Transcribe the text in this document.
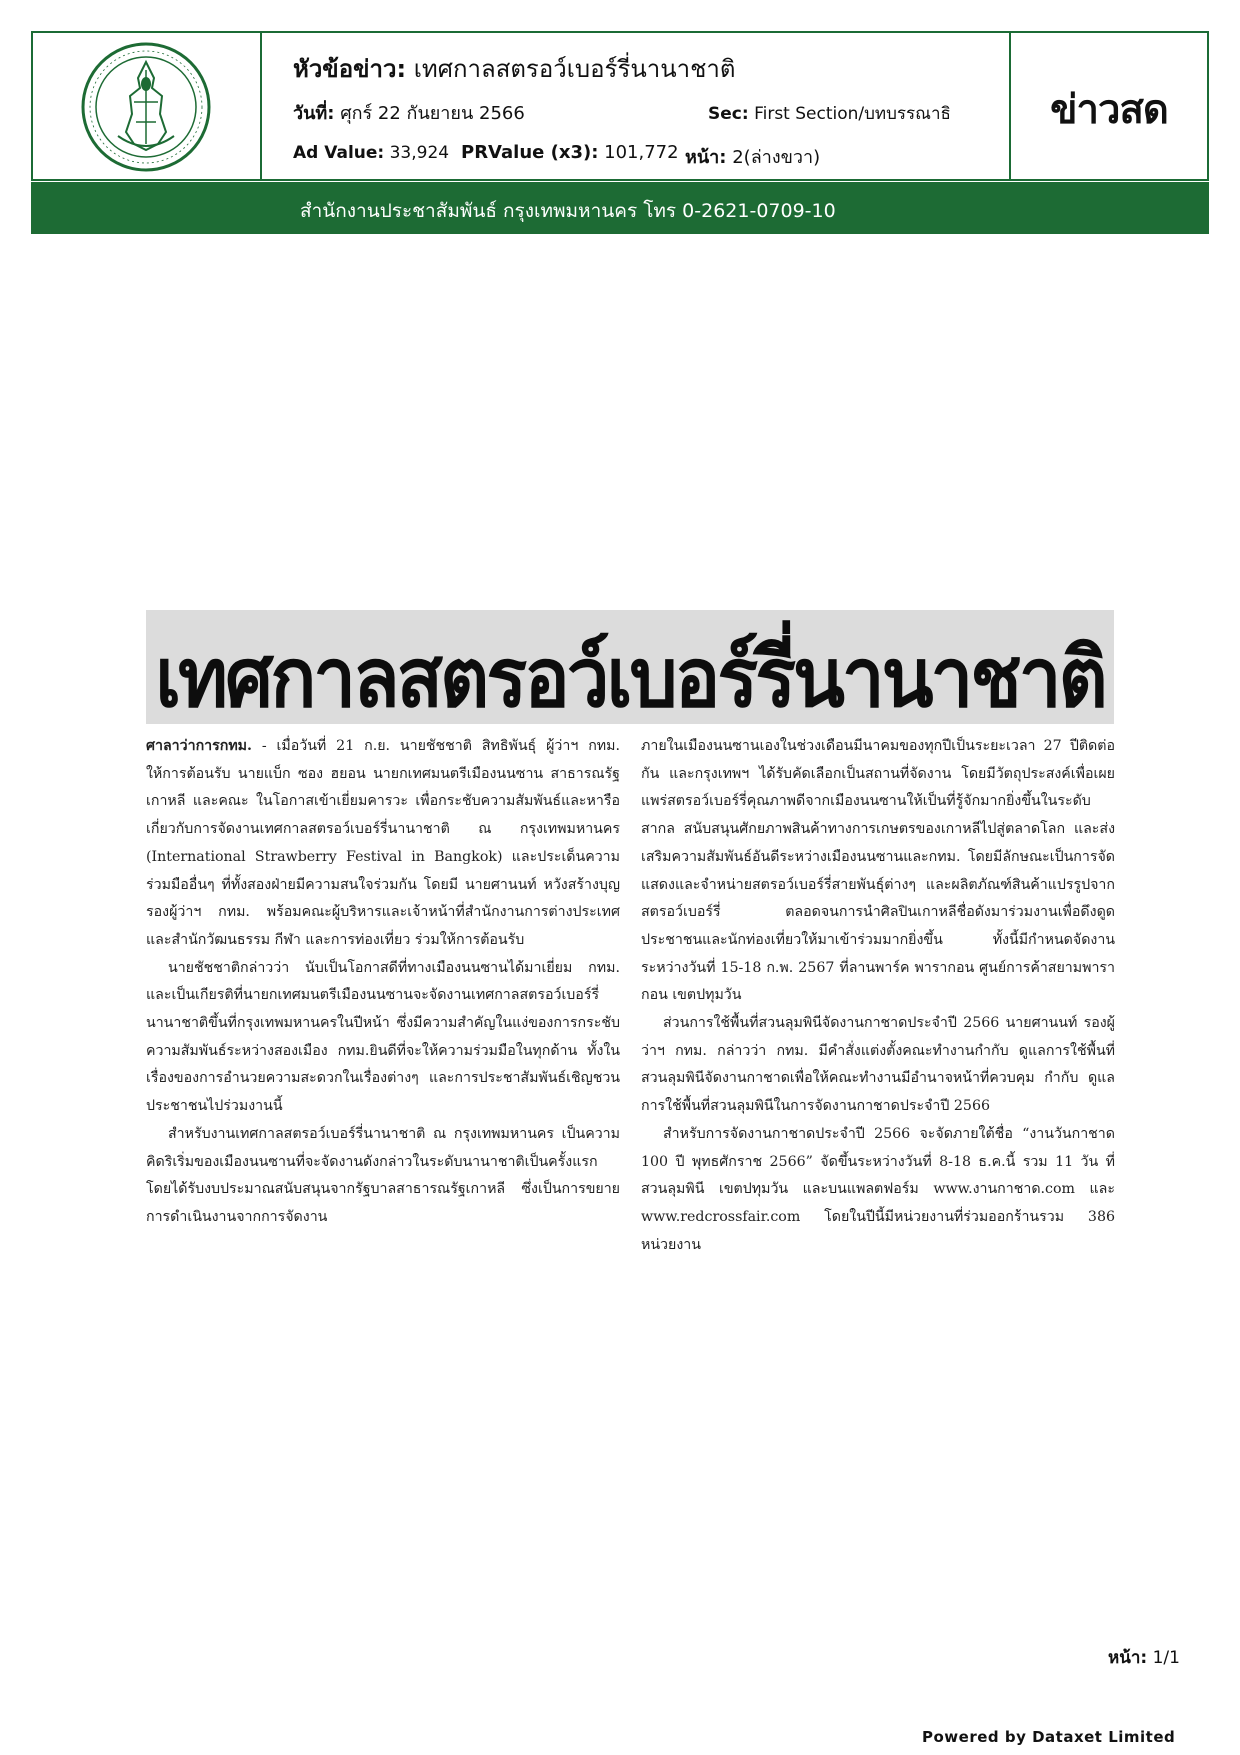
หัวข้อข่าว: เทศกาลสตรอว์เบอร์รี่นานาชาติ
วันที่: ศุกร์ 22 กันยายน 2566	Sec: First Section/บทบรรณาธิ
Ad Value: 33,924 PRValue (x3): 101,772 หน้า: 2(ล่างขวา)
ข่าวสด
สำนักงานประชาสัมพันธ์ กรุงเทพมหานคร โทร 0-2621-0709-10
เทศกาลสตรอว์เบอร์รี่นานาชาติ

ศาลาว่าการกทม. - เมื่อวันที่ 21 ก.ย. นายชัชชาติ สิทธิพันธุ์ ผู้ว่าฯ กทม. ให้การต้อนรับ นายแบ็ก ซอง ฮยอน นายกเทศมนตรีเมืองนนซาน สาธารณรัฐเกาหลี และคณะ ในโอกาสเข้าเยี่ยมคารวะ เพื่อกระชับความสัมพันธ์และหารือเกี่ยวกับการจัดงานเทศกาลสตรอว์เบอร์รี่นานาชาติ ณ กรุงเทพมหานคร (International Strawberry Festival in Bangkok) และประเด็นความร่วมมืออื่นๆ ที่ทั้งสองฝ่ายมีความสนใจร่วมกัน โดยมี นายศานนท์ หวังสร้างบุญ รองผู้ว่าฯ กทม. พร้อมคณะผู้บริหารและเจ้าหน้าที่สำนักงานการต่างประเทศ และสำนักวัฒนธรรม กีฬา และการท่องเที่ยว ร่วมให้การต้อนรับ

นายชัชชาติกล่าวว่า นับเป็นโอกาสดีที่ทางเมืองนนซานได้มาเยี่ยม กทม. และเป็นเกียรติที่นายกเทศมนตรีเมืองนนซานจะจัดงานเทศกาลสตรอว์เบอร์รี่นานาชาติขึ้นที่กรุงเทพมหานครในปีหน้า ซึ่งมีความสำคัญในแง่ของการกระชับความสัมพันธ์ระหว่างสองเมือง กทม.ยินดีที่จะให้ความร่วมมือในทุกด้าน ทั้งในเรื่องของการอำนวยความสะดวกในเรื่องต่างๆ และการประชาสัมพันธ์เชิญชวนประชาชนไปร่วมงานนี้

สำหรับงานเทศกาลสตรอว์เบอร์รี่นานาชาติ ณ กรุงเทพมหานคร เป็นความคิดริเริ่มของเมืองนนซานที่จะจัดงานดังกล่าวในระดับนานาชาติเป็นครั้งแรก โดยได้รับงบประมาณสนับสนุนจากรัฐบาลสาธารณรัฐเกาหลี ซึ่งเป็นการขยายการดำเนินงานจากการจัดงาน

ภายในเมืองนนซานเองในช่วงเดือนมีนาคมของทุกปีเป็นระยะเวลา 27 ปีติดต่อกัน และกรุงเทพฯ ได้รับคัดเลือกเป็นสถานที่จัดงาน โดยมีวัตถุประสงค์เพื่อเผยแพร่สตรอว์เบอร์รี่คุณภาพดีจากเมืองนนซานให้เป็นที่รู้จักมากยิ่งขึ้นในระดับสากล สนับสนุนศักยภาพสินค้าทางการเกษตรของเกาหลีไปสู่ตลาดโลก และส่งเสริมความสัมพันธ์อันดีระหว่างเมืองนนซานและกทม. โดยมีลักษณะเป็นการจัดแสดงและจำหน่ายสตรอว์เบอร์รี่สายพันธุ์ต่างๆ และผลิตภัณฑ์สินค้าแปรรูปจากสตรอว์เบอร์รี่ ตลอดจนการนำศิลปินเกาหลีชื่อดังมาร่วมงานเพื่อดึงดูดประชาชนและนักท่องเที่ยวให้มาเข้าร่วมมากยิ่งขึ้น ทั้งนี้มีกำหนดจัดงาน ระหว่างวันที่ 15-18 ก.พ. 2567 ที่ลานพาร์ค พารากอน ศูนย์การค้าสยามพารากอน เขตปทุมวัน

ส่วนการใช้พื้นที่สวนลุมพินีจัดงานกาชาดประจำปี 2566 นายศานนท์ รองผู้ว่าฯ กทม. กล่าวว่า กทม. มีคำสั่งแต่งตั้งคณะทำงานกำกับ ดูแลการใช้พื้นที่สวนลุมพินีจัดงานกาชาดเพื่อให้คณะทำงานมีอำนาจหน้าที่ควบคุม กำกับ ดูแลการใช้พื้นที่สวนลุมพินีในการจัดงานกาชาดประจำปี 2566

สำหรับการจัดงานกาชาดประจำปี 2566 จะจัดภายใต้ชื่อ “งานวันกาชาด 100 ปี พุทธศักราช 2566” จัดขึ้นระหว่างวันที่ 8-18 ธ.ค.นี้ รวม 11 วัน ที่สวนลุมพินี เขตปทุมวัน และบนแพลตฟอร์ม www.งานกาชาด.com และ www.redcrossfair.com โดยในปีนี้มีหน่วยงานที่ร่วมออกร้านรวม 386 หน่วยงาน

หน้า: 1/1
Powered by Dataxet Limited
